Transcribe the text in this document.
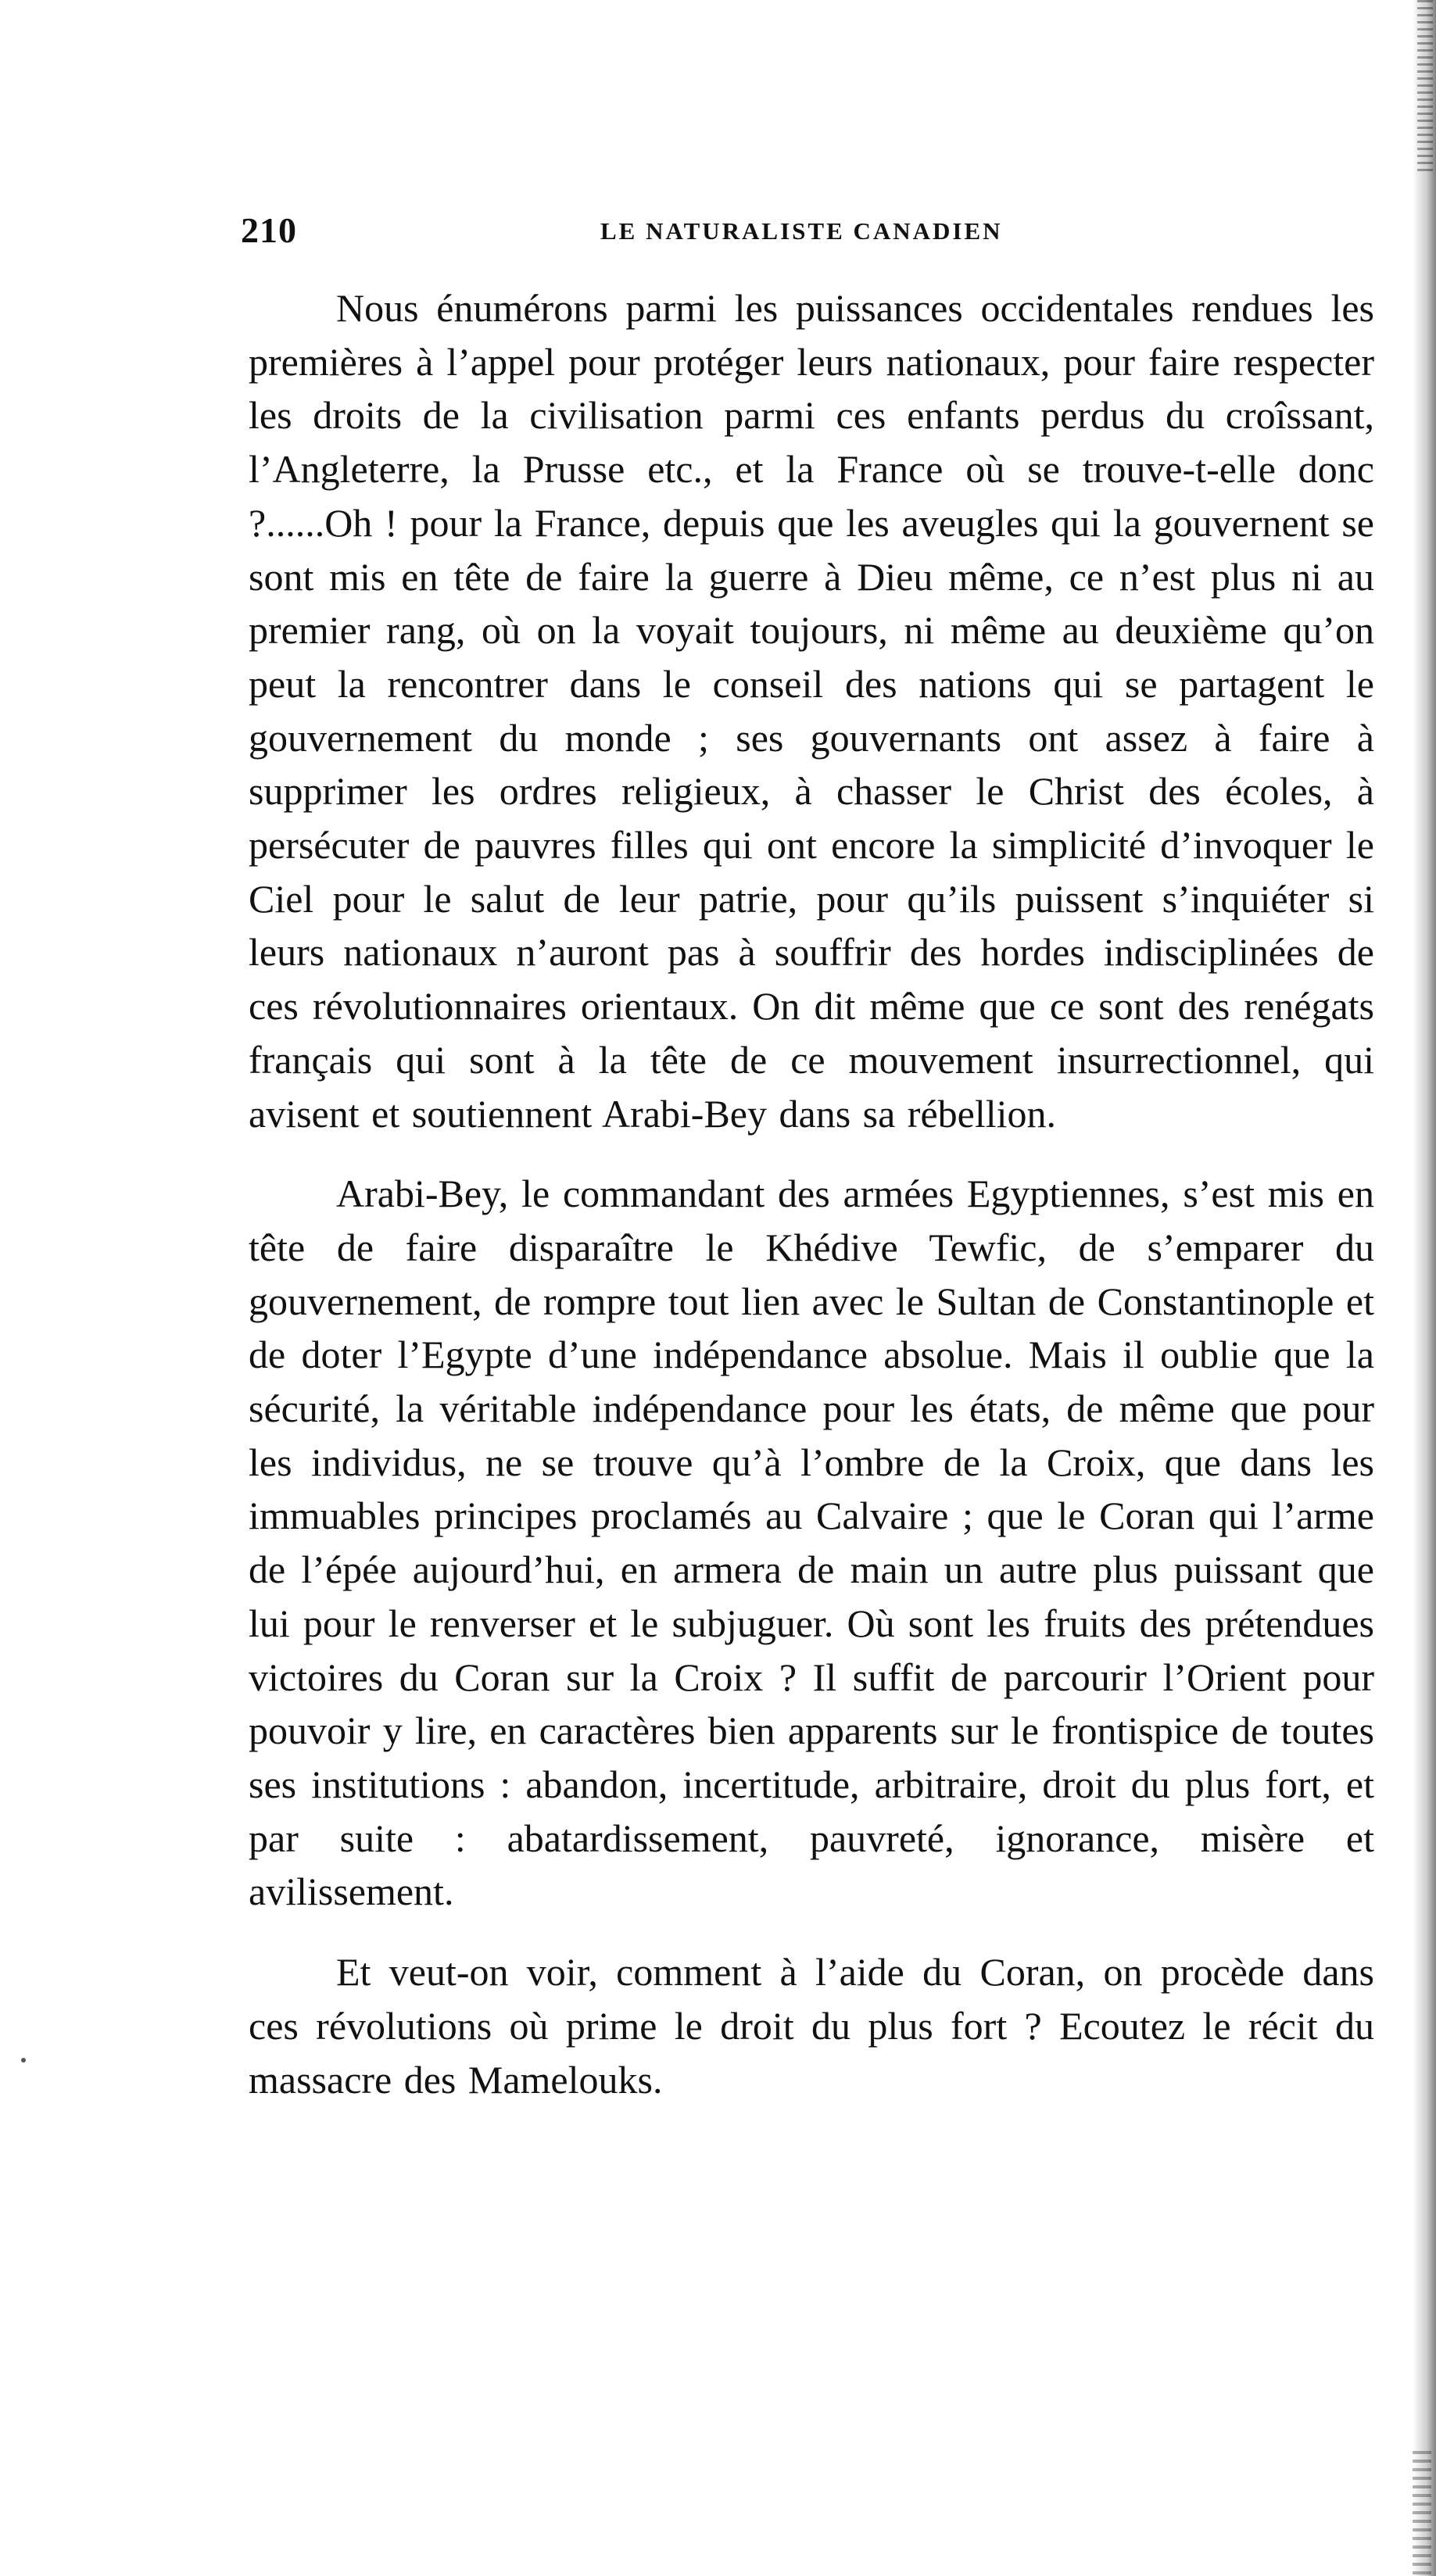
210	LE NATURALISTE CANADIEN

Nous énumérons parmi les puissances occidentales rendues les premières à l’appel pour protéger leurs nationaux, pour faire respecter les droits de la civilisation parmi ces enfants perdus du croîssant, l’Angleterre, la Prusse etc., et la France où se trouve-t-elle donc ?......Oh ! pour la France, depuis que les aveugles qui la gouvernent se sont mis en tête de faire la guerre à Dieu même, ce n’est plus ni au premier rang, où on la voyait toujours, ni même au deuxième qu’on peut la rencontrer dans le conseil des nations qui se partagent le gouvernement du monde ; ses gouvernants ont assez à faire à supprimer les ordres religieux, à chasser le Christ des écoles, à persécuter de pauvres filles qui ont encore la simplicité d’invoquer le Ciel pour le salut de leur patrie, pour qu’ils puissent s’inquiéter si leurs nationaux n’auront pas à souffrir des hordes indisciplinées de ces révolutionnaires orientaux. On dit même que ce sont des renégats français qui sont à la tête de ce mouvement insurrectionnel, qui avisent et soutiennent Arabi-Bey dans sa rébellion.

Arabi-Bey, le commandant des armées Egyptiennes, s’est mis en tête de faire disparaître le Khédive Tewfic, de s’emparer du gouvernement, de rompre tout lien avec le Sultan de Constantinople et de doter l’Egypte d’une indépendance absolue. Mais il oublie que la sécurité, la véritable indépendance pour les états, de même que pour les individus, ne se trouve qu’à l’ombre de la Croix, que dans les immuables principes proclamés au Calvaire ; que le Coran qui l’arme de l’épée aujourd’hui, en armera de main un autre plus puissant que lui pour le renverser et le subjuguer. Où sont les fruits des prétendues victoires du Coran sur la Croix ? Il suffit de parcourir l’Orient pour pouvoir y lire, en caractères bien apparents sur le frontispice de toutes ses institutions : abandon, incertitude, arbitraire, droit du plus fort, et par suite : abatardissement, pauvreté, ignorance, misère et avilissement.

Et veut-on voir, comment à l’aide du Coran, on procède dans ces révolutions où prime le droit du plus fort ? Ecoutez le récit du massacre des Mamelouks.
